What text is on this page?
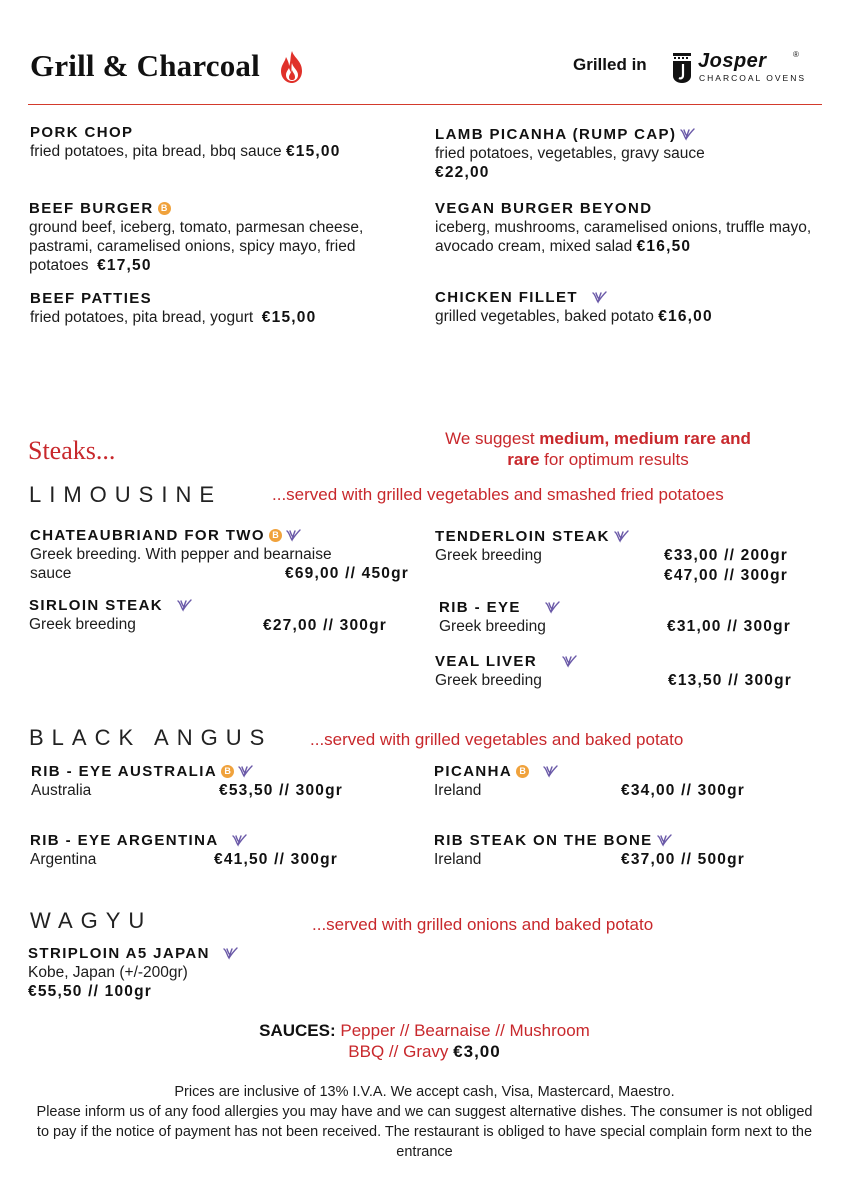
Grill & Charcoal	Grilled in	Josper	®
CHARCOAL OVENS
PORK CHOP
fried potatoes, pita bread, bbq sauce €15,00
LAMB PICANHA (RUMP CAP)
fried potatoes, vegetables, gravy sauce
€22,00
BEEF BURGER B
ground beef, iceberg, tomato, parmesan cheese, pastrami, caramelised onions, spicy mayo, fried potatoes €17,50
VEGAN BURGER BEYOND
iceberg, mushrooms, caramelised onions, truffle mayo, avocado cream, mixed salad €16,50
BEEF PATTIES
fried potatoes, pita bread, yogurt €15,00
CHICKEN FILLET

grilled vegetables, baked potato €16,00
Steaks...	We suggest medium, medium rare and
rare for optimum results
LIMOUSINE	...served with grilled vegetables and smashed fried potatoes
CHATEAUBRIAND FOR TWO B
Greek breeding. With pepper and bearnaise
sauce	€69,00 // 450gr
TENDERLOIN STEAK
Greek breeding	€33,00 // 200gr
€47,00 // 300gr
SIRLOIN STEAK

Greek breeding	€27,00 // 300gr
RIB - EYE

Greek breeding	€31,00 // 300gr
VEAL LIVER

Greek breeding	€13,50 // 300gr
BLACK ANGUS ...served with grilled vegetables and baked potato
RIB - EYE AUSTRALIA B
Australia	€53,50 // 300gr
PICANHA B

Ireland	€34,00 // 300gr
RIB - EYE ARGENTINA

Argentina	€41,50 // 300gr
RIB STEAK ON THE BONE
Ireland	€37,00 // 500gr
WAGYU	...served with grilled onions and baked potato
STRIPLOIN A5 JAPAN

Kobe, Japan (+/-200gr)
€55,50 // 100gr
SAUCES: Pepper // Bearnaise // Mushroom
BBQ // Gravy €3,00
Prices are inclusive of 13% I.V.A. We accept cash, Visa, Mastercard, Maestro.
Please inform us of any food allergies you may have and we can suggest alternative dishes. The consumer is not obliged to pay if the notice of payment has not been received. The restaurant is obliged to have special complain form next to the entrance
